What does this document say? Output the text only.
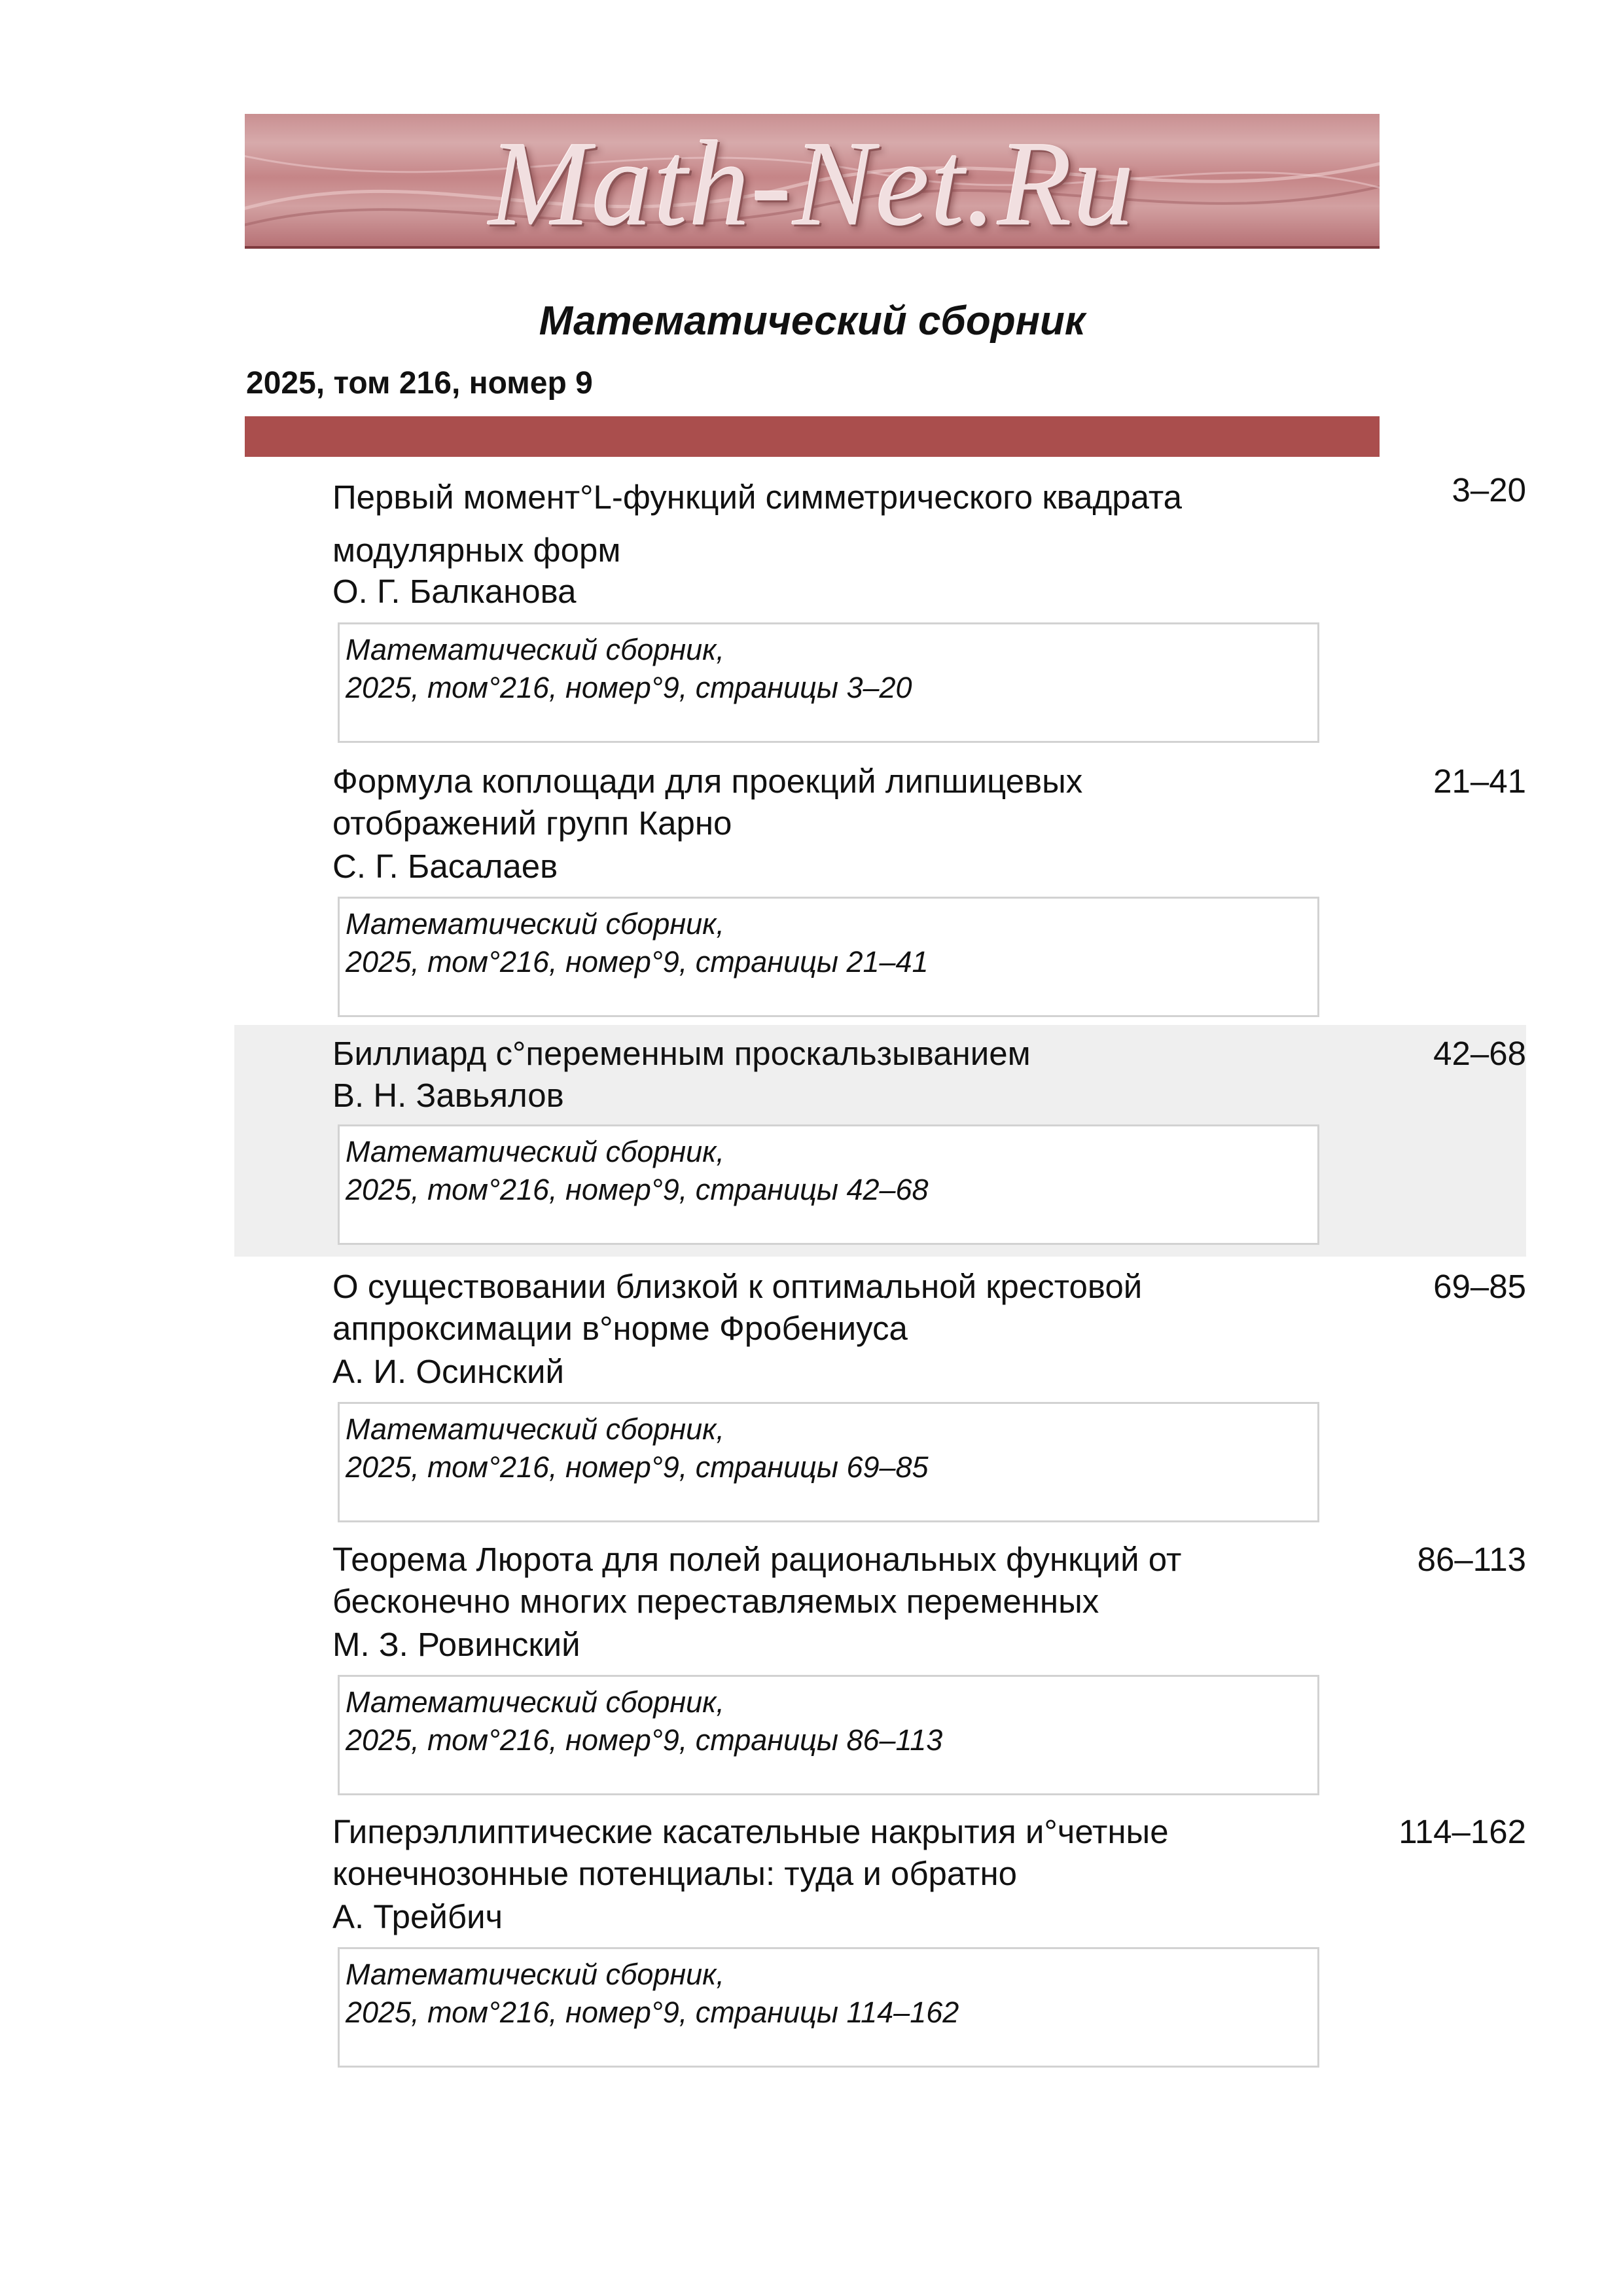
Math-Net.Ru
Математический сборник
2025, том 216, номер 9
Первый момент°L-функций симметрического квадрата
модулярных форм
3–20
О. Г. Балканова
Математический сборник,
2025, том°216, номер°9, страницы 3–20
Формула коплощади для проекций липшицевых
отображений групп Карно
21–41
С. Г. Басалаев
Математический сборник,
2025, том°216, номер°9, страницы 21–41
Биллиард с°переменным проскальзыванием	42–68
В. Н. Завьялов
Математический сборник,
2025, том°216, номер°9, страницы 42–68
О существовании близкой к оптимальной крестовой
аппроксимации в°норме Фробениуса
69–85
А. И. Осинский
Математический сборник,
2025, том°216, номер°9, страницы 69–85
Теорема Люрота для полей рациональных функций от
бесконечно многих переставляемых переменных
86–113
М. З. Ровинский
Математический сборник,
2025, том°216, номер°9, страницы 86–113
Гиперэллиптические касательные накрытия и°четные
конечнозонные потенциалы: туда и обратно
114–162
А. Трейбич
Математический сборник,
2025, том°216, номер°9, страницы 114–162
